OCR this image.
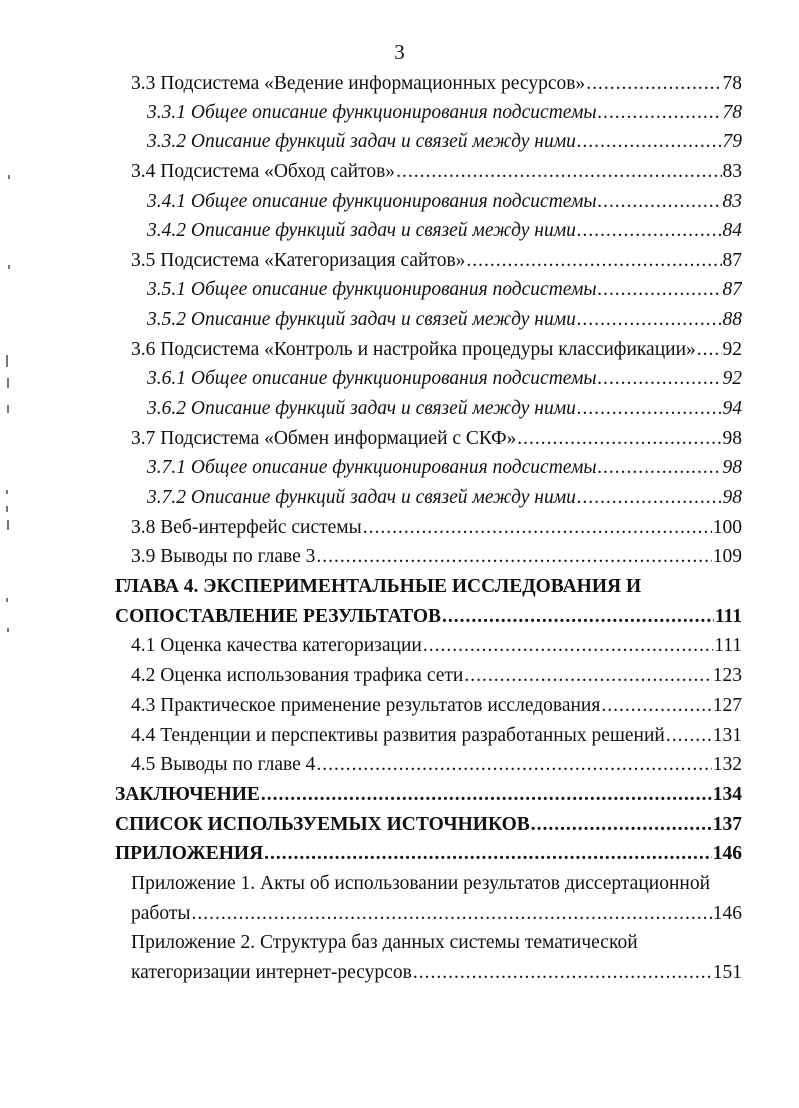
3
3.3 Подсистема «Ведение информационных ресурсов» .....	78
3.3.1 Общее описание функционирования подсистемы .....	78
3.3.2 Описание функций задач и связей между ними .....	79
3.4 Подсистема «Обход сайтов» .....	83
3.4.1 Общее описание функционирования подсистемы .....	83
3.4.2 Описание функций задач и связей между ними .....	84
3.5 Подсистема «Категоризация сайтов» .....	87
3.5.1 Общее описание функционирования подсистемы .....	87
3.5.2 Описание функций задач и связей между ними .....	88
3.6 Подсистема «Контроль и настройка процедуры классификации» ..... 92
3.6.1 Общее описание функционирования подсистемы .....	92
3.6.2 Описание функций задач и связей между ними .....	94
3.7 Подсистема «Обмен информацией с СКФ» .....	98
3.7.1 Общее описание функционирования подсистемы .....	98
3.7.2 Описание функций задач и связей между ними .....	98
3.8 Веб-интерфейс системы .....	100
3.9 Выводы по главе 3 .....	109
ГЛАВА 4. ЭКСПЕРИМЕНТАЛЬНЫЕ ИССЛЕДОВАНИЯ И
СОПОСТАВЛЕНИЕ РЕЗУЛЬТАТОВ .....	111
4.1 Оценка качества категоризации .....	111
4.2 Оценка использования трафика сети .....	123
4.3 Практическое применение результатов исследования .....	127
4.4 Тенденции и перспективы развития разработанных решений ..... 131
4.5 Выводы по главе 4 .....	132
ЗАКЛЮЧЕНИЕ .....	134
СПИСОК ИСПОЛЬЗУЕМЫХ ИСТОЧНИКОВ .....	137
ПРИЛОЖЕНИЯ .....	146
Приложение 1. Акты об использовании результатов диссертационной
работы .....	146
Приложение 2. Структура баз данных системы тематической
категоризации интернет-ресурсов .....	151
